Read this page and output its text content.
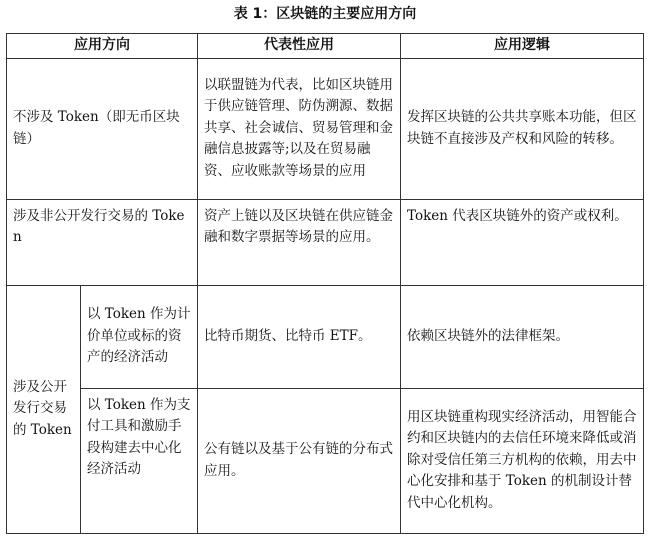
表 1：区块链的主要应用方向
应用方向		代表性应用	应用逻辑
不涉及 Token（即无币区块链）		以联盟链为代表，比如区块链用于供应链管理、防伪溯源、数据共享、社会诚信、贸易管理和金融信息披露等;以及在贸易融资、应收账款等场景的应用	发挥区块链的公共共享账本功能，但区块链不直接涉及产权和风险的转移。
涉及非公开发行交易的 Token		资产上链以及区块链在供应链金融和数字票据等场景的应用。	Token 代表区块链外的资产或权利。
涉及公开发行交易的 Token	以 Token 作为计价单位或标的资产的经济活动	比特币期货、比特币 ETF。	依赖区块链外的法律框架。
	以 Token 作为支付工具和激励手段构建去中心化经济活动	公有链以及基于公有链的分布式应用。	用区块链重构现实经济活动，用智能合约和区块链内的去信任环境来降低或消除对受信任第三方机构的依赖，用去中心化安排和基于 Token 的机制设计替代中心化机构。
